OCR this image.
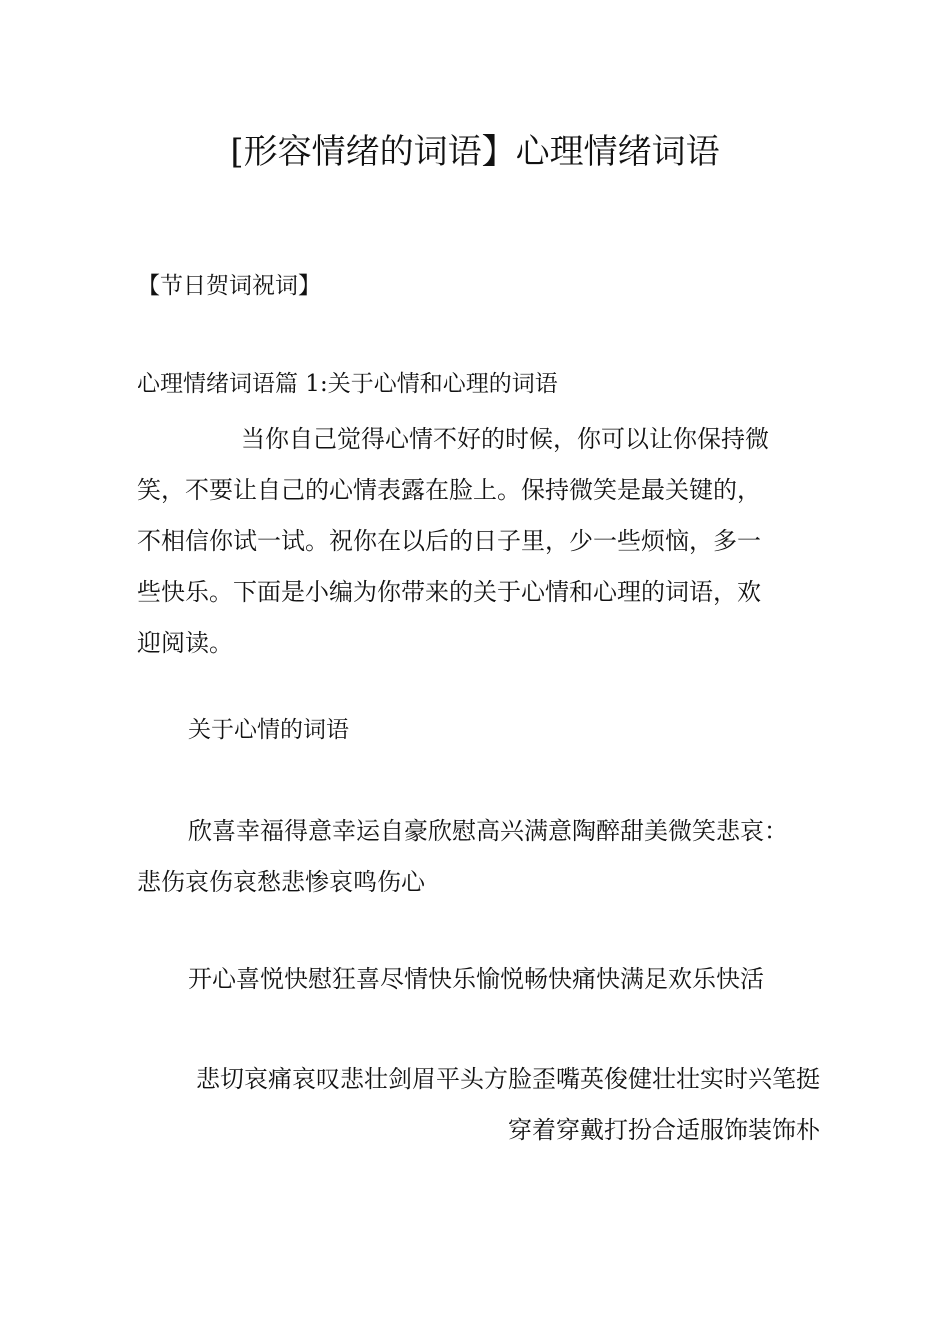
[形容情绪的词语】心理情绪词语
【节日贺词祝词】
心理情绪词语篇 1:关于心情和心理的词语
当你自己觉得心情不好的时候，你可以让你保持微
笑，不要让自己的心情表露在脸上。保持微笑是最关键的，
不相信你试一试。祝你在以后的日子里，少一些烦恼，多一
些快乐。下面是小编为你带来的关于心情和心理的词语，欢
迎阅读。
关于心情的词语
欣喜幸福得意幸运自豪欣慰高兴满意陶醉甜美微笑悲哀：
悲伤哀伤哀愁悲惨哀鸣伤心
开心喜悦快慰狂喜尽情快乐愉悦畅快痛快满足欢乐快活
悲切哀痛哀叹悲壮剑眉平头方脸歪嘴英俊健壮壮实时兴笔挺
穿着穿戴打扮合适服饰装饰朴
